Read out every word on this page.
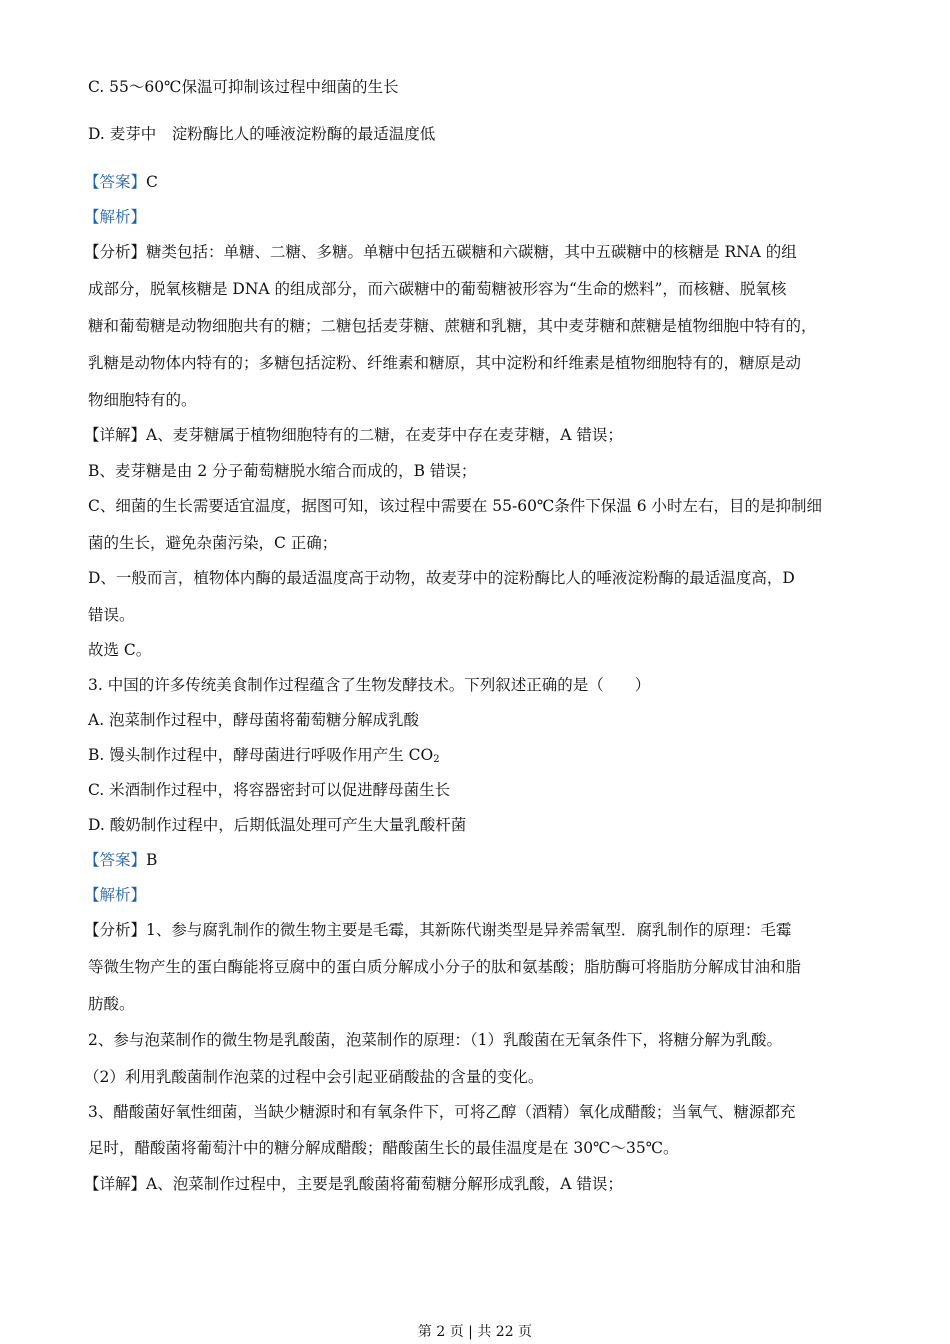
C. 55～60℃保温可抑制该过程中细菌的生长
D. 麦芽中　淀粉酶比人的唾液淀粉酶的最适温度低
【答案】C
【解析】
【分析】糖类包括：单糖、二糖、多糖。单糖中包括五碳糖和六碳糖，其中五碳糖中的核糖是 RNA 的组
成部分，脱氧核糖是 DNA 的组成部分，而六碳糖中的葡萄糖被形容为“生命的燃料”，而核糖、脱氧核
糖和葡萄糖是动物细胞共有的糖；二糖包括麦芽糖、蔗糖和乳糖，其中麦芽糖和蔗糖是植物细胞中特有的，
乳糖是动物体内特有的；多糖包括淀粉、纤维素和糖原，其中淀粉和纤维素是植物细胞特有的，糖原是动
物细胞特有的。
【详解】A、麦芽糖属于植物细胞特有的二糖，在麦芽中存在麦芽糖，A 错误；
B、麦芽糖是由 2 分子葡萄糖脱水缩合而成的，B 错误；
C、细菌的生长需要适宜温度，据图可知，该过程中需要在 55-60℃条件下保温 6 小时左右，目的是抑制细
菌的生长，避免杂菌污染，C 正确；
D、一般而言，植物体内酶的最适温度高于动物，故麦芽中的淀粉酶比人的唾液淀粉酶的最适温度高，D
错误。
故选 C。
3. 中国的许多传统美食制作过程蕴含了生物发酵技术。下列叙述正确的是（　　）
A. 泡菜制作过程中，酵母菌将葡萄糖分解成乳酸
B. 馒头制作过程中，酵母菌进行呼吸作用产生 $CO_2$
C. 米酒制作过程中，将容器密封可以促进酵母菌生长
D. 酸奶制作过程中，后期低温处理可产生大量乳酸杆菌
【答案】B
【解析】
【分析】1、参与腐乳制作的微生物主要是毛霉，其新陈代谢类型是异养需氧型．腐乳制作的原理：毛霉
等微生物产生的蛋白酶能将豆腐中的蛋白质分解成小分子的肽和氨基酸；脂肪酶可将脂肪分解成甘油和脂
肪酸。
2、参与泡菜制作的微生物是乳酸菌，泡菜制作的原理：（1）乳酸菌在无氧条件下，将糖分解为乳酸。
（2）利用乳酸菌制作泡菜的过程中会引起亚硝酸盐的含量的变化。
3、醋酸菌好氧性细菌，当缺少糖源时和有氧条件下，可将乙醇（酒精）氧化成醋酸；当氧气、糖源都充
足时，醋酸菌将葡萄汁中的糖分解成醋酸；醋酸菌生长的最佳温度是在 30℃～35℃。
【详解】A、泡菜制作过程中，主要是乳酸菌将葡萄糖分解形成乳酸，A 错误；
第 2 页 | 共 22 页
